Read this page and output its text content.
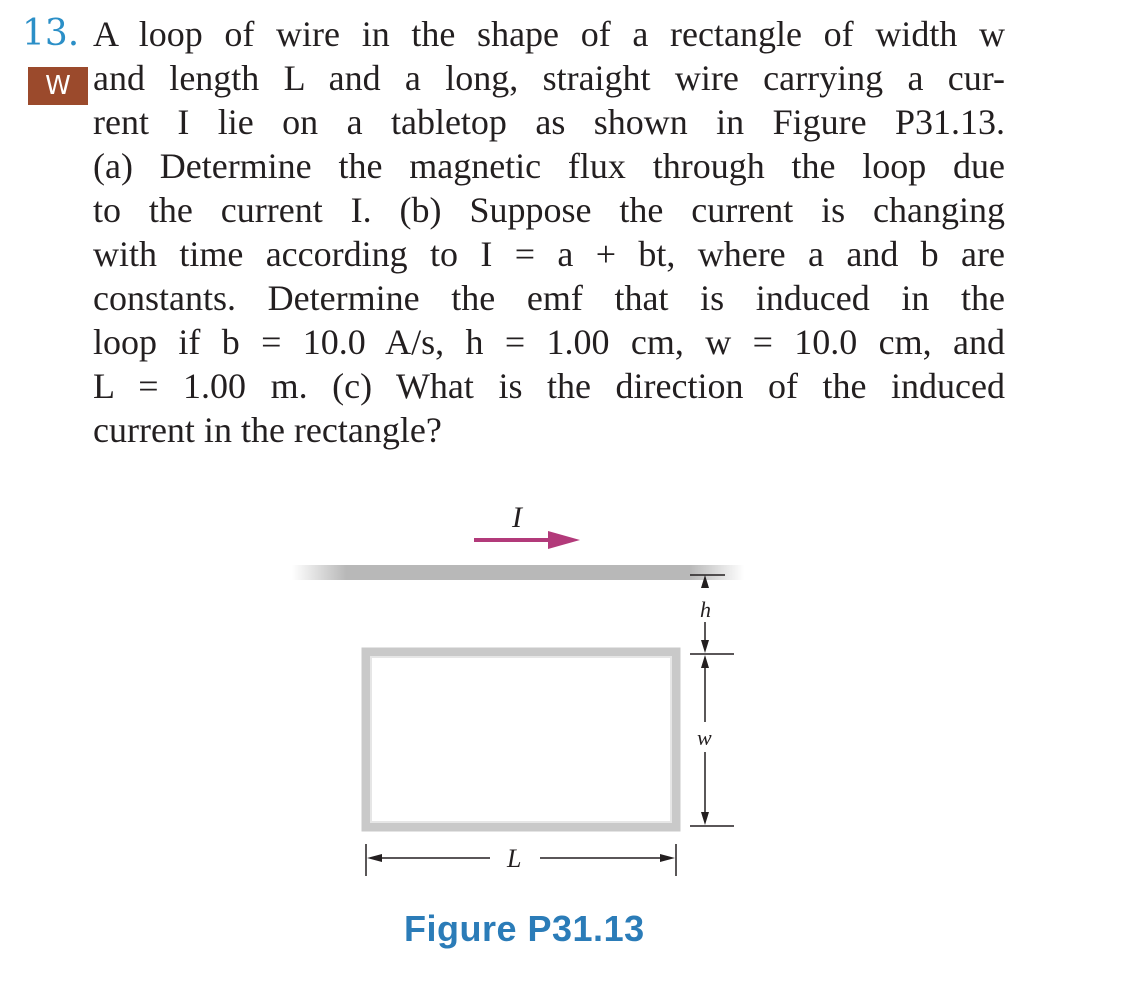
13.
W
A loop of wire in the shape of a rectangle of width w
and length L and a long, straight wire carrying a cur-
rent I lie on a tabletop as shown in Figure P31.13.
(a) Determine the magnetic flux through the loop due
to the current I. (b) Suppose the current is changing
with time according to I = a + bt, where a and b are
constants. Determine the emf that is induced in the
loop if b = 10.0 A/s, h = 1.00 cm, w = 10.0 cm, and
L = 1.00 m. (c) What is the direction of the induced
current in the rectangle?
I
h
w
L
Figure P31.13
